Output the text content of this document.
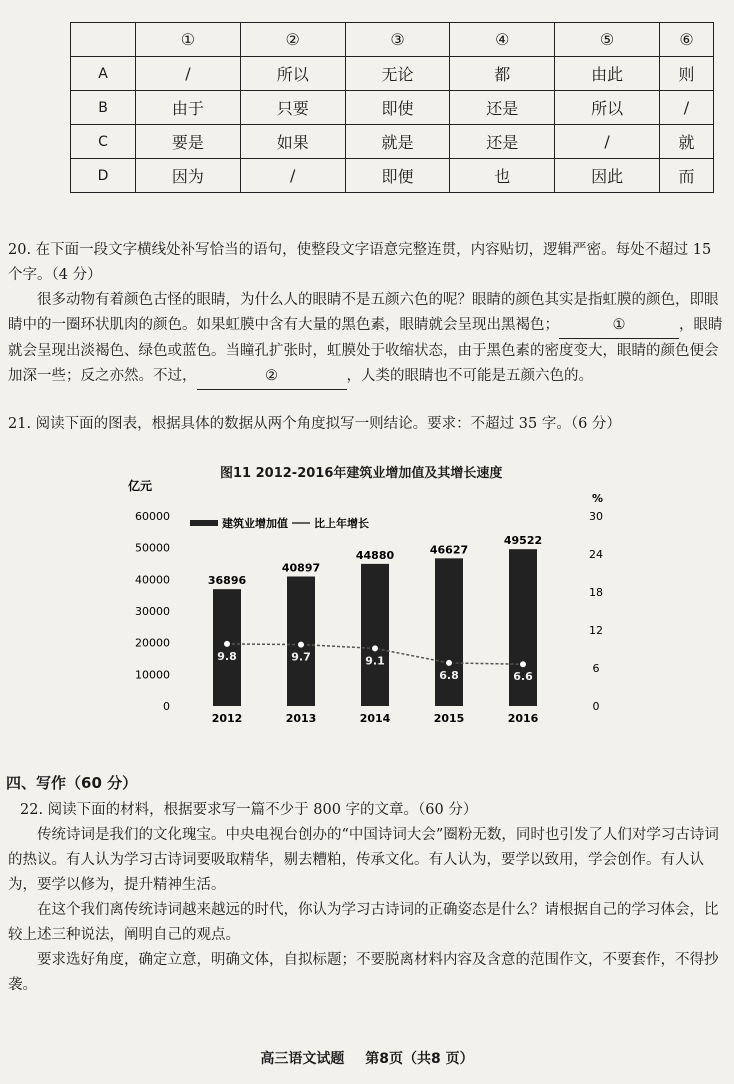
	①	②	③	④	⑤	⑥
A	/	所以	无论	都	由此	则
B	由于	只要	即使	还是	所以	/
C	要是	如果	就是	还是	/	就
D	因为	/	即便	也	因此	而
20. 在下面一段文字横线处补写恰当的语句，使整段文字语意完整连贯，内容贴切，逻辑严密。每处不超过 15 个字。（4 分）
很多动物有着颜色古怪的眼睛，为什么人的眼睛不是五颜六色的呢？眼睛的颜色其实是指虹膜的颜色，即眼睛中的一圈环状肌肉的颜色。如果虹膜中含有大量的黑色素，眼睛就会呈现出黑褐色；	①	，眼睛就会呈现出淡褐色、绿色或蓝色。当瞳孔扩张时，虹膜处于收缩状态，由于黑色素的密度变大，眼睛的颜色便会加深一些；反之亦然。不过，	②	，人类的眼睛也不可能是五颜六色的。
21. 阅读下面的图表，根据具体的数据从两个角度拟写一则结论。要求：不超过 35 字。（6 分）
图11 2012-2016年建筑业增加值及其增长速度
亿元
%
0
10000
20000
30000
40000
50000
60000
0
6
12
18
24
30
建筑业增加值 比上年增长
36896
2012
40897
2013
44880
2014
46627
2015
49522
2016
9.8	9.7	9.1
6.8	6.6
四、写作（60 分）
22. 阅读下面的材料，根据要求写一篇不少于 800 字的文章。（60 分）
传统诗词是我们的文化瑰宝。中央电视台创办的“中国诗词大会”圈粉无数，同时也引发了人们对学习古诗词的热议。有人认为学习古诗词要吸取精华，剔去糟粕，传承文化。有人认为，要学以致用，学会创作。有人认为，要学以修为，提升精神生活。
在这个我们离传统诗词越来越远的时代，你认为学习古诗词的正确姿态是什么？请根据自己的学习体会，比较上述三种说法，阐明自己的观点。
要求选好角度，确定立意，明确文体，自拟标题；不要脱离材料内容及含意的范围作文，不要套作，不得抄袭。
高三语文试题 第8页（共8 页）
